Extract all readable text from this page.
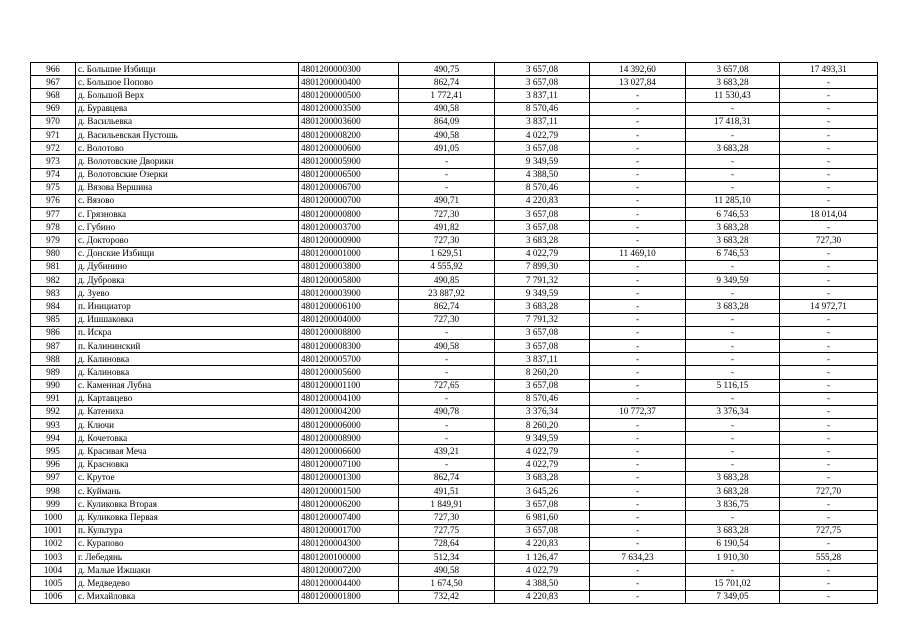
966	с. Большие Избищи	4801200000300	490,75	3 657,08	14 392,60	3 657,08	17 493,31
967	с. Большое Попово	4801200000400	862,74	3 657,08	13 027,84	3 683,28	-
968	д. Большой Верх	4801200000500	1 772,41	3 837,11	-	11 530,43	-
969	д. Буравцева	4801200003500	490,58	8 570,46	-	-	-
970	д. Васильевка	4801200003600	864,09	3 837,11	-	17 418,31	-
971	д. Васильевская Пустошь	4801200008200	490,58	4 022,79	-	-	-
972	с. Волотово	4801200000600	491,05	3 657,08	-	3 683,28	-
973	д. Волотовские Дворики	4801200005900	-	9 349,59	-	-	-
974	д. Волотовские Озерки	4801200006500	-	4 388,50	-	-	-
975	д. Вязова Вершина	4801200006700	-	8 570,46	-	-	-
976	с. Вязово	4801200000700	490,71	4 220,83	-	11 285,10	-
977	с. Грязновка	4801200000800	727,30	3 657,08	-	6 746,53	18 014,04
978	с. Губино	4801200003700	491,82	3 657,08	-	3 683,28	-
979	с. Докторово	4801200000900	727,30	3 683,28	-	3 683,28	727,30
980	с. Донские Избищи	4801200001000	1 629,51	4 022,79	11 469,10	6 746,53	-
981	д. Дубинино	4801200003800	4 555,92	7 899,30	-	-	-
982	д. Дубровка	4801200005800	490,85	7 791,32	-	9 349,59	-
983	д. Зуево	4801200003900	23 887,92	9 349,59	-	-	-
984	п. Инициатор	4801200006100	862,74	3 683,28	-	3 683,28	14 972,71
985	д. Ишшаковка	4801200004000	727,30	7 791,32	-	-	-
986	п. Искра	4801200008800	-	3 657,08	-	-	-
987	п. Калининский	4801200008300	490,58	3 657,08	-	-	-
988	д. Калиновка	4801200005700	-	3 837,11	-	-	-
989	д. Калиновка	4801200005600	-	8 260,20	-	-	-
990	с. Каменная Лубна	4801200001100	727,65	3 657,08	-	5 116,15	-
991	д. Картавцево	4801200004100	-	8 570,46	-	-	-
992	д. Катениха	4801200004200	490,78	3 376,34	10 772,37	3 376,34	-
993	д. Ключи	4801200006000	-	8 260,20	-	-	-
994	д. Кочетовка	4801200008900	-	9 349,59	-	-	-
995	д. Красивая Меча	4801200006600	439,21	4 022,79	-	-	-
996	д. Красновка	4801200007100	-	4 022,79	-	-	-
997	с. Крутое	4801200001300	862,74	3 683,28	-	3 683,28	-
998	с. Куймань	4801200001500	491,51	3 645,26	-	3 683,28	727,70
999	с. Куликовка Вторая	4801200006200	1 849,91	3 657,08	-	3 836,75	-
1000	д. Куликовка Первая	4801200007400	727,30	6 981,60	-	-	-
1001	п. Культура	4801200001700	727,75	3 657,08	-	3 683,28	727,75
1002	с. Курапово	4801200004300	728,64	4 220,83	-	6 190,54	-
1003	г. Лебедянь	4801200100000	512,34	1 126,47	7 634,23	1 910,30	555,28
1004	д. Малые Ижшаки	4801200007200	490,58	4 022,79	-	-	-
1005	д. Медведево	4801200004400	1 674,50	4 388,50	-	15 701,02	-
1006	с. Михайловка	4801200001800	732,42	4 220,83	-	7 349,05	-
